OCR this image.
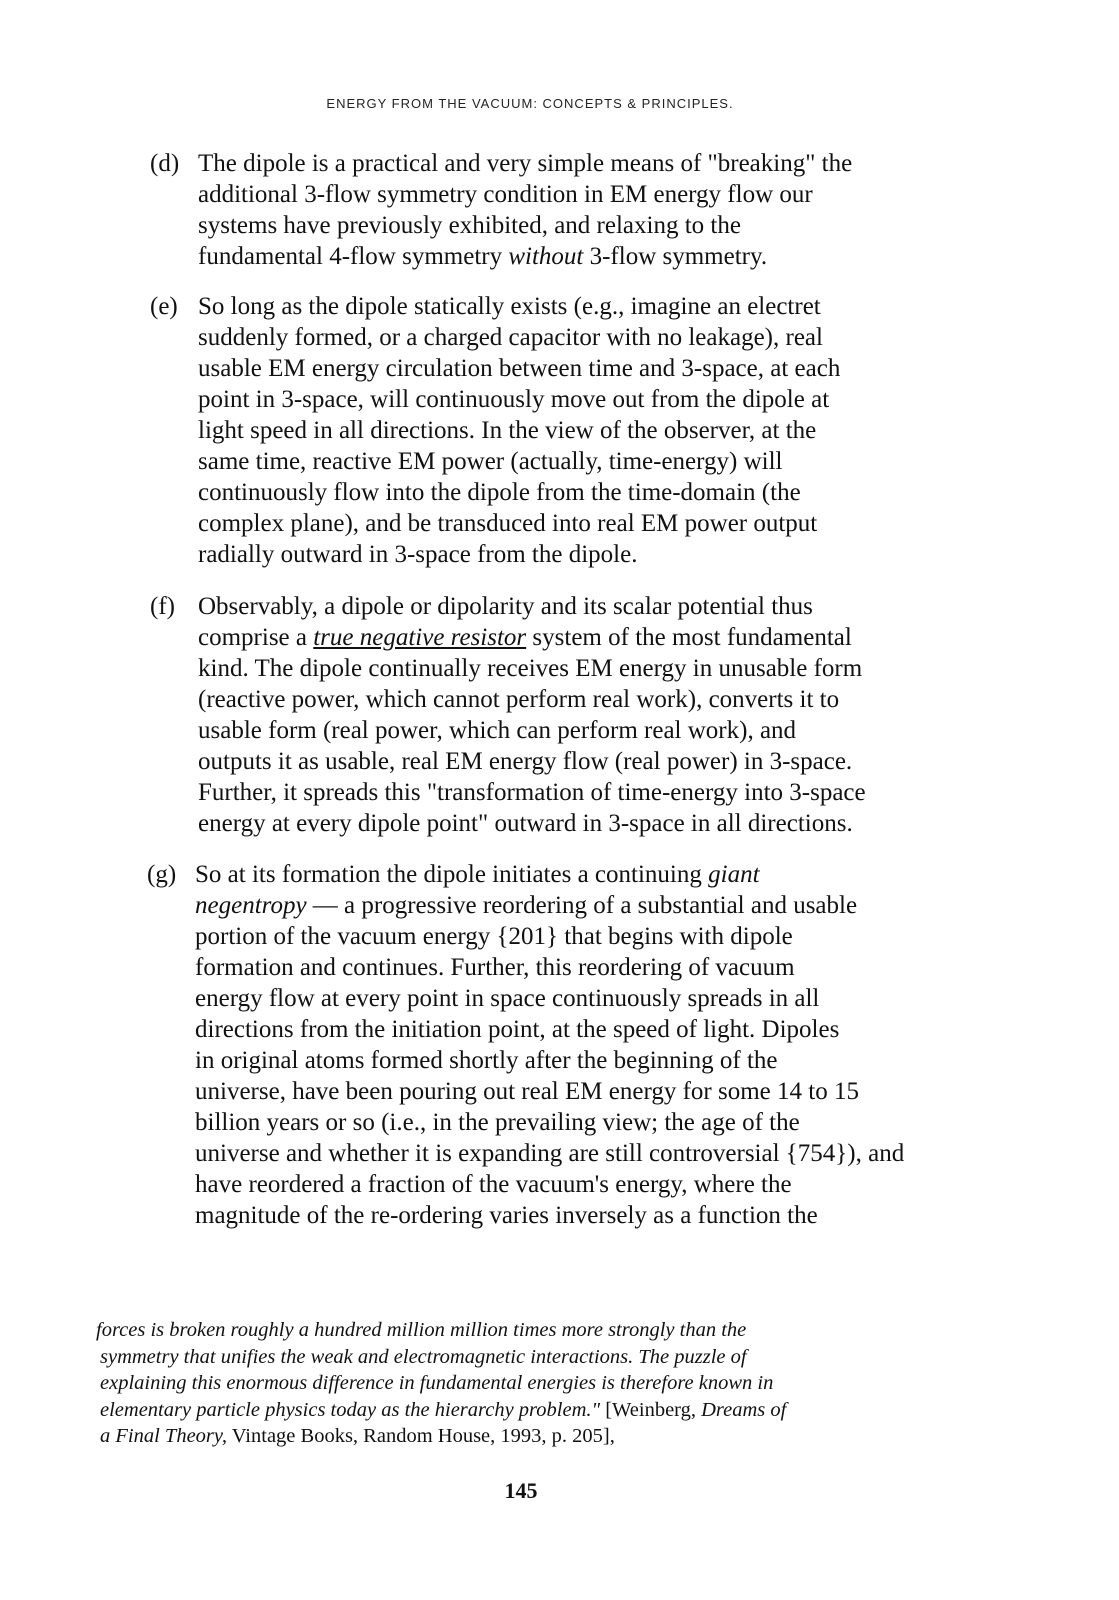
ENERGY FROM THE VACUUM: CONCEPTS & PRINCIPLES.
(d) The dipole is a practical and very simple means of "breaking" the
additional 3-flow symmetry condition in EM energy flow our
systems have previously exhibited, and relaxing to the
fundamental 4-flow symmetry without 3-flow symmetry.
(e) So long as the dipole statically exists (e.g., imagine an electret
suddenly formed, or a charged capacitor with no leakage), real
usable EM energy circulation between time and 3-space, at each
point in 3-space, will continuously move out from the dipole at
light speed in all directions. In the view of the observer, at the
same time, reactive EM power (actually, time-energy) will
continuously flow into the dipole from the time-domain (the
complex plane), and be transduced into real EM power output
radially outward in 3-space from the dipole.
(f) Observably, a dipole or dipolarity and its scalar potential thus
comprise a true negative resistor system of the most fundamental
kind. The dipole continually receives EM energy in unusable form
(reactive power, which cannot perform real work), converts it to
usable form (real power, which can perform real work), and
outputs it as usable, real EM energy flow (real power) in 3-space.
Further, it spreads this "transformation of time-energy into 3-space
energy at every dipole point" outward in 3-space in all directions.
(g) So at its formation the dipole initiates a continuing giant
negentropy — a progressive reordering of a substantial and usable
portion of the vacuum energy {201} that begins with dipole
formation and continues. Further, this reordering of vacuum
energy flow at every point in space continuously spreads in all
directions from the initiation point, at the speed of light. Dipoles
in original atoms formed shortly after the beginning of the
universe, have been pouring out real EM energy for some 14 to 15
billion years or so (i.e., in the prevailing view; the age of the
universe and whether it is expanding are still controversial {754}), and
have reordered a fraction of the vacuum's energy, where the
magnitude of the re-ordering varies inversely as a function the
forces is broken roughly a hundred million million times more strongly than the
symmetry that unifies the weak and electromagnetic interactions. The puzzle of
explaining this enormous difference in fundamental energies is therefore known in
elementary particle physics today as the hierarchy problem." [Weinberg, Dreams of
a Final Theory, Vintage Books, Random House, 1993, p. 205],
145
